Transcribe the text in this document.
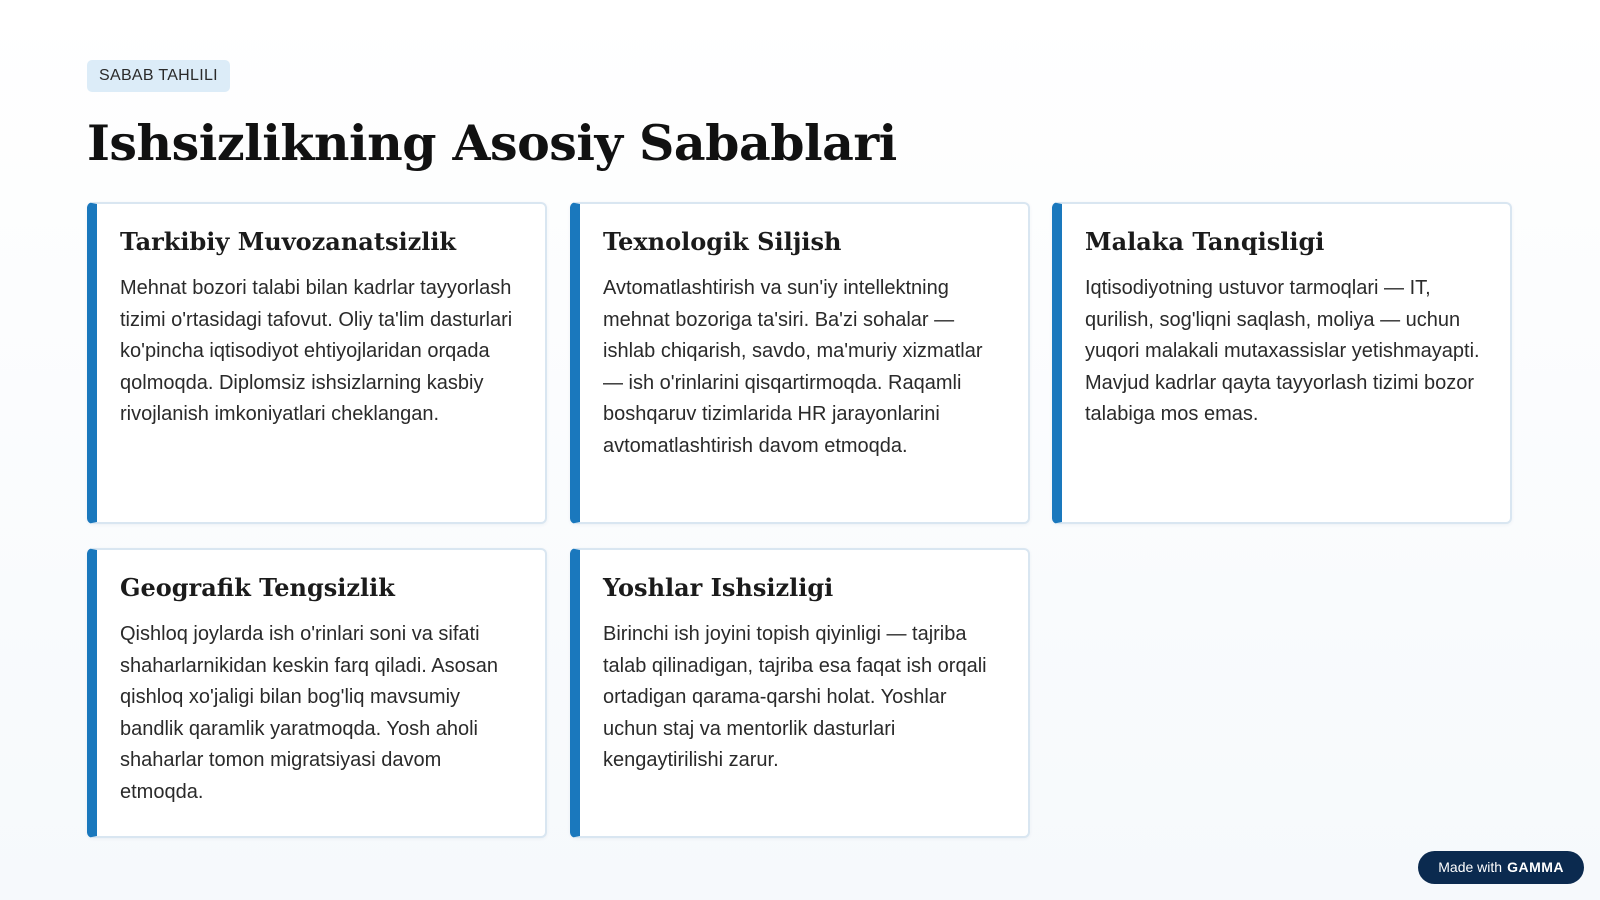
SABAB TAHLILI
Ishsizlikning Asosiy Sabablari
Tarkibiy Muvozanatsizlik

Mehnat bozori talabi bilan kadrlar tayyorlash tizimi o'rtasidagi tafovut. Oliy ta'lim dasturlari ko'pincha iqtisodiyot ehtiyojlaridan orqada qolmoqda. Diplomsiz ishsizlarning kasbiy rivojlanish imkoniyatlari cheklangan.

Texnologik Siljish

Avtomatlashtirish va sun'iy intellektning mehnat bozoriga ta'siri. Ba'zi sohalar — ishlab chiqarish, savdo, ma'muriy xizmatlar — ish o'rinlarini qisqartirmoqda. Raqamli boshqaruv tizimlarida HR jarayonlarini avtomatlashtirish davom etmoqda.

Malaka Tanqisligi

Iqtisodiyotning ustuvor tarmoqlari — IT, qurilish, sog'liqni saqlash, moliya — uchun yuqori malakali mutaxassislar yetishmayapti. Mavjud kadrlar qayta tayyorlash tizimi bozor talabiga mos emas.

Geografik Tengsizlik

Qishloq joylarda ish o'rinlari soni va sifati shaharlarnikidan keskin farq qiladi. Asosan qishloq xo'jaligi bilan bog'liq mavsumiy bandlik qaramlik yaratmoqda. Yosh aholi shaharlar tomon migratsiyasi davom etmoqda.

Yoshlar Ishsizligi

Birinchi ish joyini topish qiyinligi — tajriba talab qilinadigan, tajriba esa faqat ish orqali ortadigan qarama-qarshi holat. Yoshlar uchun staj va mentorlik dasturlari kengaytirilishi zarur.

Made with GAMMA
